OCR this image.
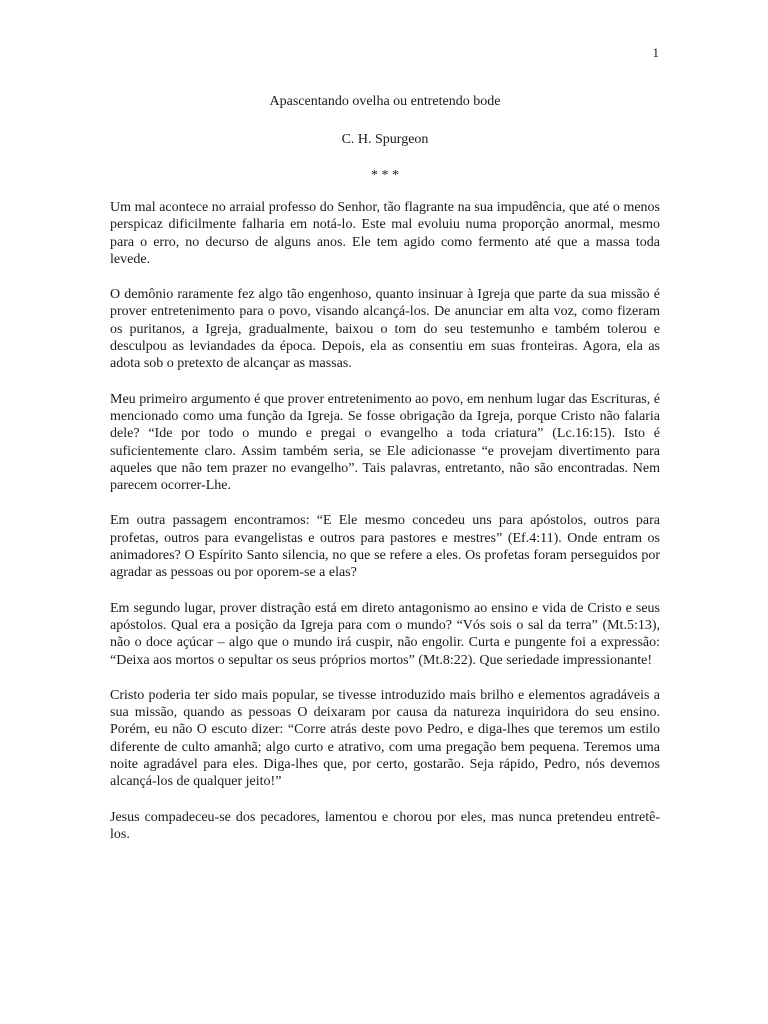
1
Apascentando ovelha ou entretendo bode
C. H. Spurgeon
* * *

Um mal acontece no arraial professo do Senhor, tão flagrante na sua impudência, que até o menos perspicaz dificilmente falharia em notá-lo. Este mal evoluiu numa proporção anormal, mesmo para o erro, no decurso de alguns anos. Ele tem agido como fermento até que a massa toda levede.

O demônio raramente fez algo tão engenhoso, quanto insinuar à Igreja que parte da sua missão é prover entretenimento para o povo, visando alcançá-los. De anunciar em alta voz, como fizeram os puritanos, a Igreja, gradualmente, baixou o tom do seu testemunho e também tolerou e desculpou as leviandades da época. Depois, ela as consentiu em suas fronteiras. Agora, ela as adota sob o pretexto de alcançar as massas.

Meu primeiro argumento é que prover entretenimento ao povo, em nenhum lugar das Escrituras, é mencionado como uma função da Igreja. Se fosse obrigação da Igreja, porque Cristo não falaria dele? “Ide por todo o mundo e pregai o evangelho a toda criatura” (Lc.16:15). Isto é suficientemente claro. Assim também seria, se Ele adicionasse “e provejam divertimento para aqueles que não tem prazer no evangelho”. Tais palavras, entretanto, não são encontradas. Nem parecem ocorrer-Lhe.

Em outra passagem encontramos: “E Ele mesmo concedeu uns para apóstolos, outros para profetas, outros para evangelistas e outros para pastores e mestres” (Ef.4:11). Onde entram os animadores? O Espírito Santo silencia, no que se refere a eles. Os profetas foram perseguidos por agradar as pessoas ou por oporem-se a elas?

Em segundo lugar, prover distração está em direto antagonismo ao ensino e vida de Cristo e seus apóstolos. Qual era a posição da Igreja para com o mundo? “Vós sois o sal da terra” (Mt.5:13), não o doce açúcar – algo que o mundo irá cuspir, não engolir. Curta e pungente foi a expressão: “Deixa aos mortos o sepultar os seus próprios mortos” (Mt.8:22). Que seriedade impressionante!

Cristo poderia ter sido mais popular, se tivesse introduzido mais brilho e elementos agradáveis a sua missão, quando as pessoas O deixaram por causa da natureza inquiridora do seu ensino. Porém, eu não O escuto dizer: “Corre atrás deste povo Pedro, e diga-lhes que teremos um estilo diferente de culto amanhã; algo curto e atrativo, com uma pregação bem pequena. Teremos uma noite agradável para eles. Diga-lhes que, por certo, gostarão. Seja rápido, Pedro, nós devemos alcançá-los de qualquer jeito!”

Jesus compadeceu-se dos pecadores, lamentou e chorou por eles, mas nunca pretendeu entretê-los.
